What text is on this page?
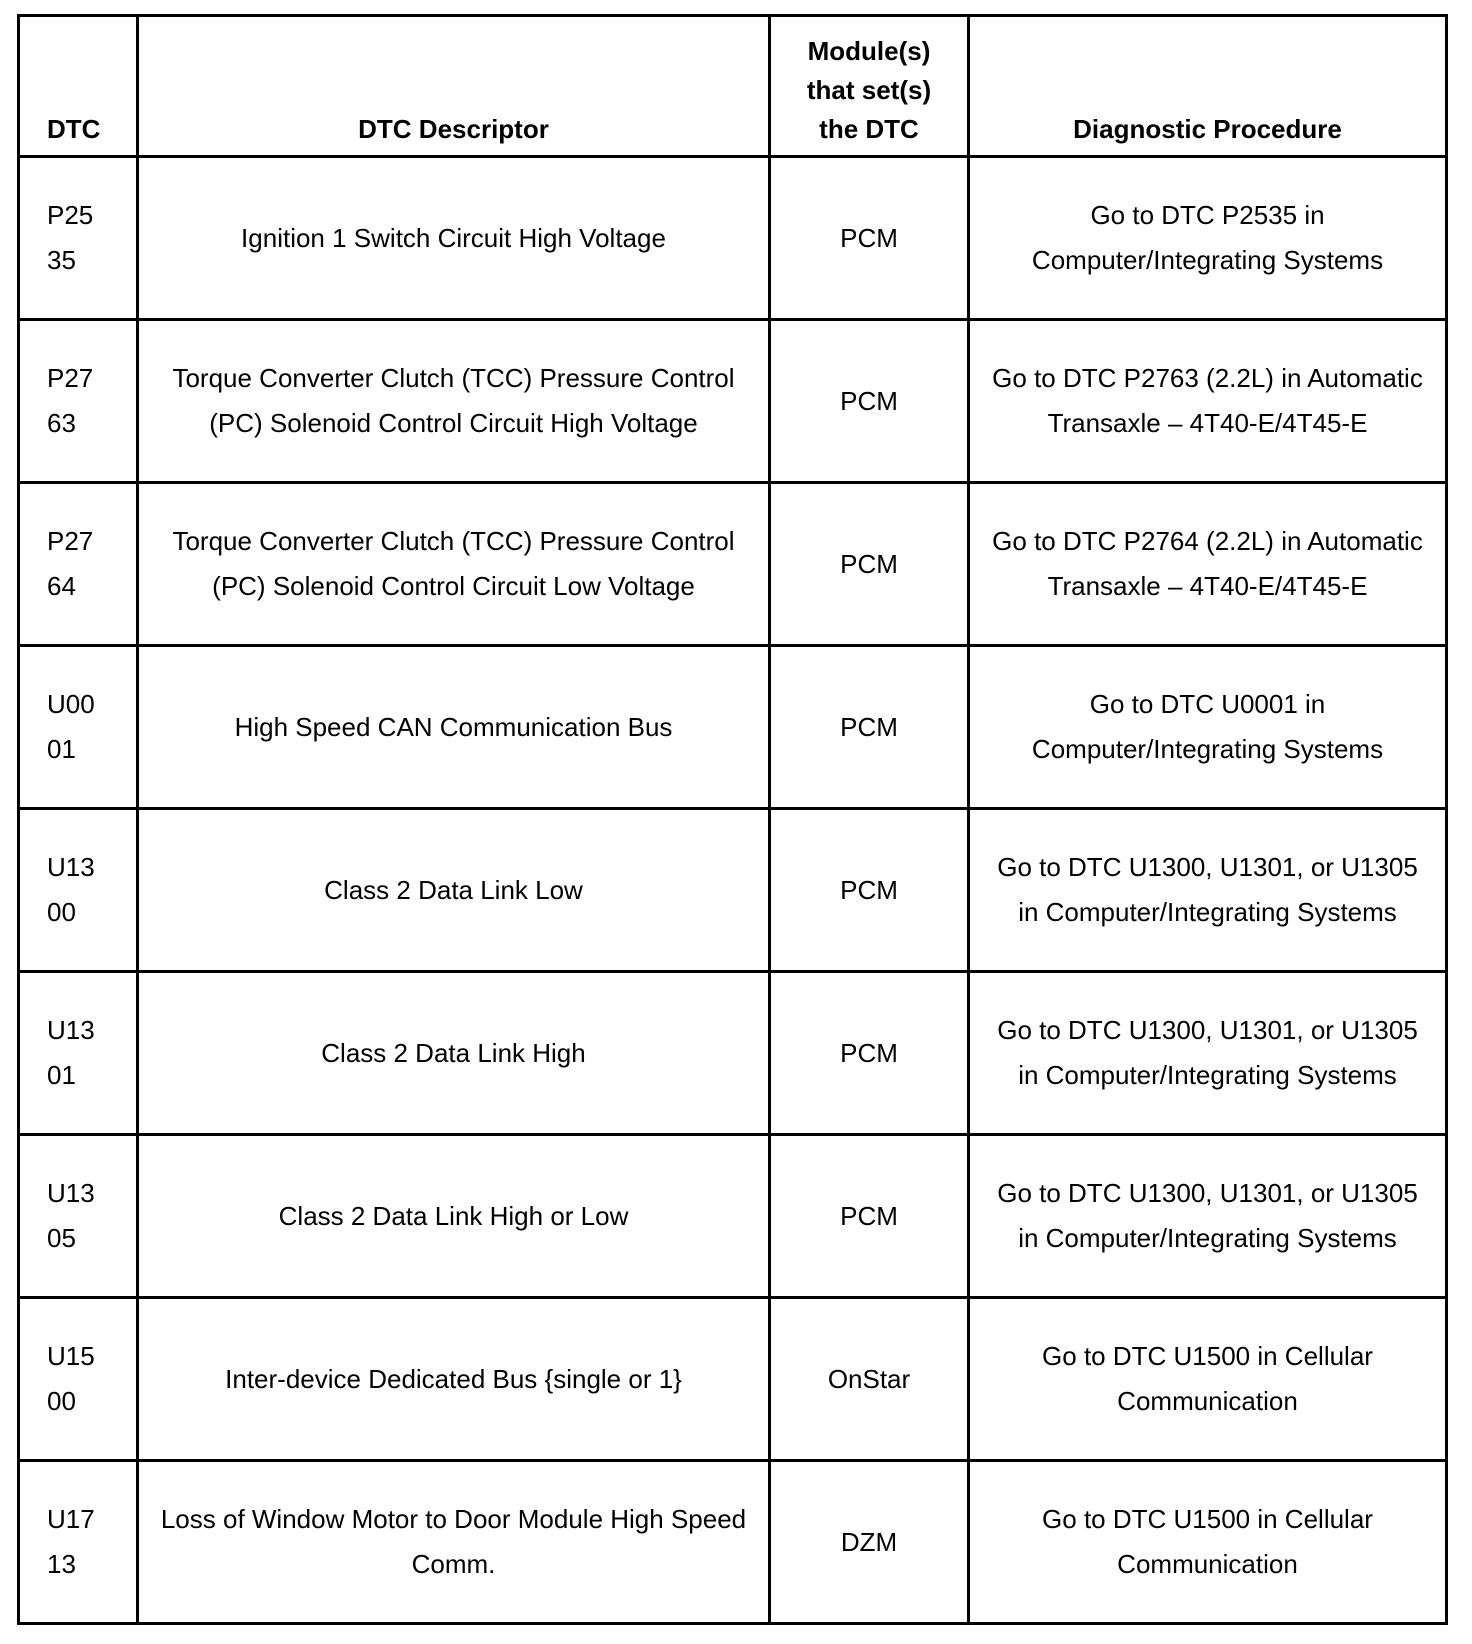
DTC	DTC Descriptor	Module(s) that set(s) the DTC	Diagnostic Procedure

P2535	Ignition 1 Switch Circuit High Voltage	PCM	Go to DTC P2535 in Computer/Integrating Systems

P2763	Torque Converter Clutch (TCC) Pressure Control (PC) Solenoid Control Circuit High Voltage	PCM	Go to DTC P2763 (2.2L) in Automatic Transaxle – 4T40-E/4T45-E

P2764	Torque Converter Clutch (TCC) Pressure Control (PC) Solenoid Control Circuit Low Voltage	PCM	Go to DTC P2764 (2.2L) in Automatic Transaxle – 4T40-E/4T45-E

U0001	High Speed CAN Communication Bus	PCM	Go to DTC U0001 in Computer/Integrating Systems

U1300	Class 2 Data Link Low	PCM	Go to DTC U1300, U1301, or U1305 in Computer/Integrating Systems

U1301	Class 2 Data Link High	PCM	Go to DTC U1300, U1301, or U1305 in Computer/Integrating Systems

U1305	Class 2 Data Link High or Low	PCM	Go to DTC U1300, U1301, or U1305 in Computer/Integrating Systems

U1500	Inter-device Dedicated Bus {single or 1}	OnStar	Go to DTC U1500 in Cellular Communication

U1713	Loss of Window Motor to Door Module High Speed Comm.	DZM	Go to DTC U1500 in Cellular Communication
